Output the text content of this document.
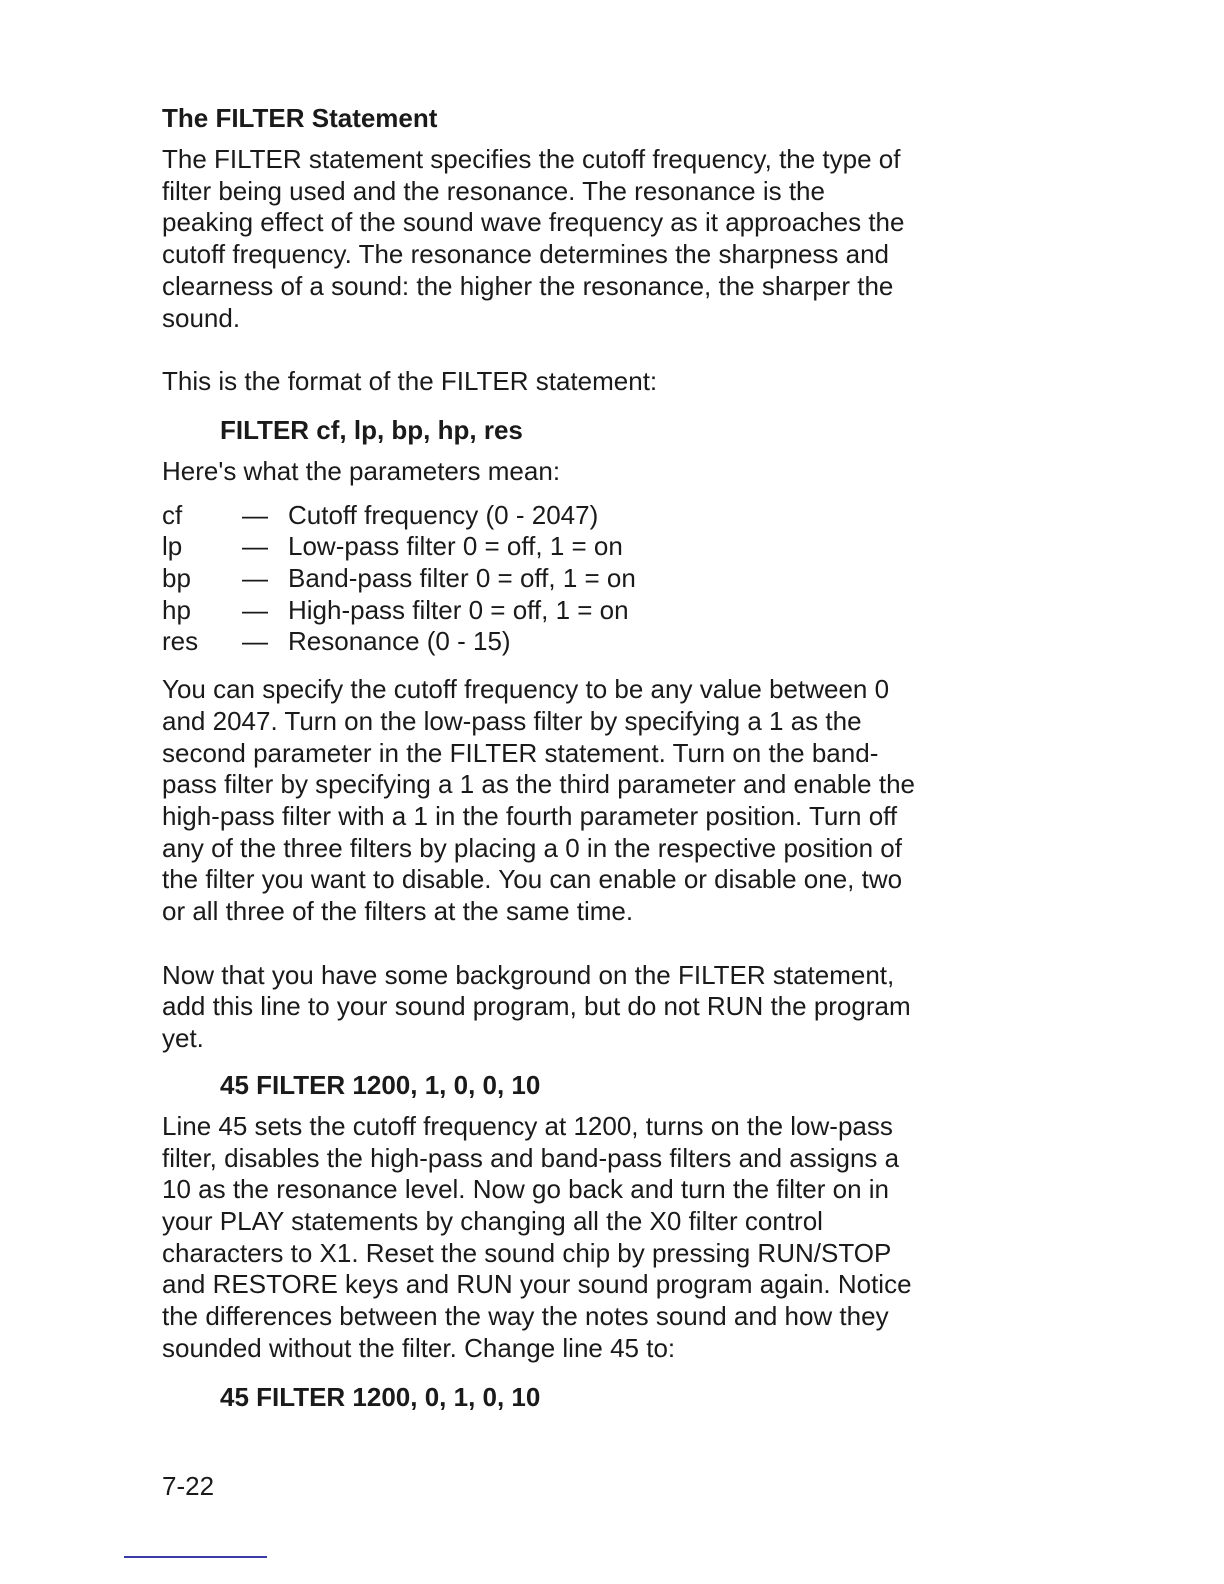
The FILTER Statement

The FILTER statement specifies the cutoff frequency, the type of
filter being used and the resonance. The resonance is the
peaking effect of the sound wave frequency as it approaches the
cutoff frequency. The resonance determines the sharpness and
clearness of a sound: the higher the resonance, the sharper the
sound.

This is the format of the FILTER statement:

FILTER cf, lp, bp, hp, res

Here's what the parameters mean:

cf	— Cutoff frequency (0 - 2047)
lp	— Low-pass filter 0 = off, 1 = on
bp	— Band-pass filter 0 = off, 1 = on
hp	— High-pass filter 0 = off, 1 = on
res	— Resonance (0 - 15)

You can specify the cutoff frequency to be any value between 0
and 2047. Turn on the low-pass filter by specifying a 1 as the
second parameter in the FILTER statement. Turn on the band-
pass filter by specifying a 1 as the third parameter and enable the
high-pass filter with a 1 in the fourth parameter position. Turn off
any of the three filters by placing a 0 in the respective position of
the filter you want to disable. You can enable or disable one, two
or all three of the filters at the same time.

Now that you have some background on the FILTER statement,
add this line to your sound program, but do not RUN the program
yet.

45 FILTER 1200, 1, 0, 0, 10

Line 45 sets the cutoff frequency at 1200, turns on the low-pass
filter, disables the high-pass and band-pass filters and assigns a
10 as the resonance level. Now go back and turn the filter on in
your PLAY statements by changing all the X0 filter control
characters to X1. Reset the sound chip by pressing RUN/STOP
and RESTORE keys and RUN your sound program again. Notice
the differences between the way the notes sound and how they
sounded without the filter. Change line 45 to:

45 FILTER 1200, 0, 1, 0, 10
7-22
